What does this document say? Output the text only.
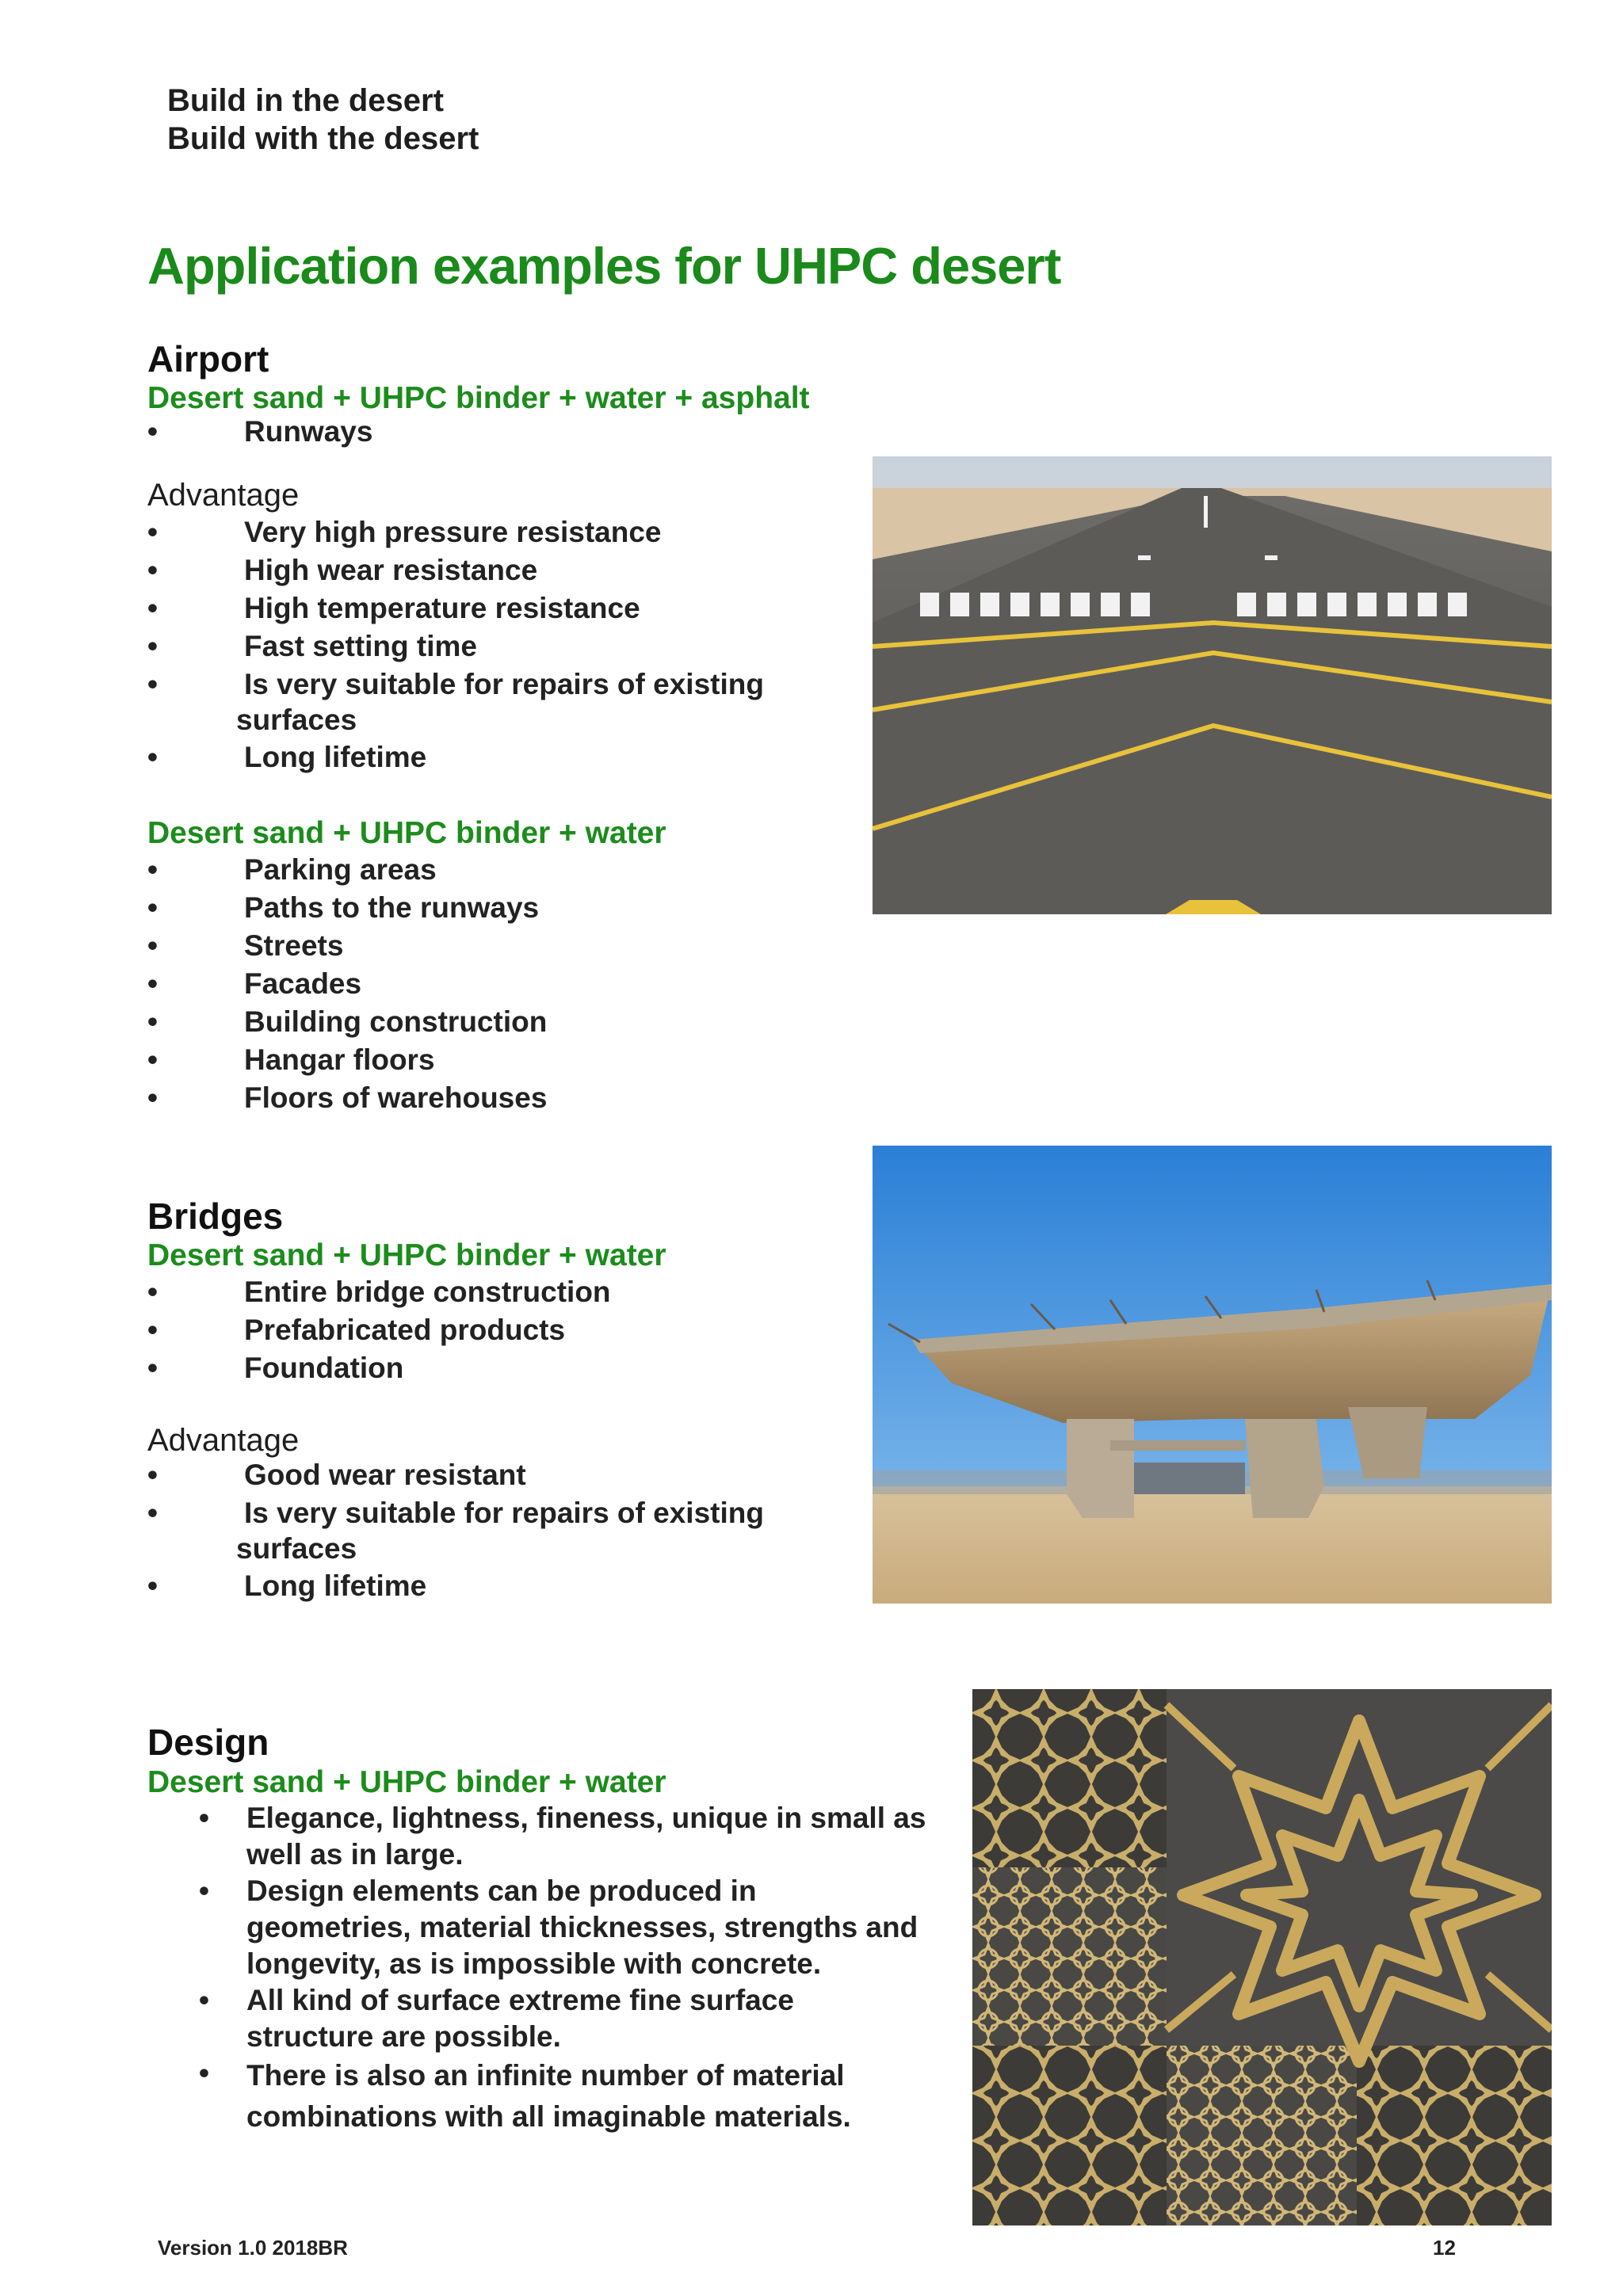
Build in the desert
Build with the desert
Application examples for UHPC desert
Airport
Desert sand + UHPC binder + water + asphalt
•	Runways
Advantage
•	Very high pressure resistance
•	High wear resistance
•	High temperature resistance
•	Fast setting time
•	Is very suitable for repairs of existing
surfaces
•	Long lifetime
Desert sand + UHPC binder + water
•	Parking areas
•	Paths to the runways
•	Streets
•	Facades
•	Building construction
•	Hangar floors
•	Floors of warehouses
Bridges
Desert sand + UHPC binder + water
•	Entire bridge construction
•	Prefabricated products
•	Foundation
Advantage
•	Good wear resistant
•	Is very suitable for repairs of existing
surfaces
•	Long lifetime
Design
Desert sand + UHPC binder + water
• Elegance, lightness, fineness, unique in small as well as in large.
• Design elements can be produced in geometries, material thicknesses, strengths and longevity, as is impossible with concrete.
• All kind of surface extreme fine surface structure are possible.
• There is also an infinite number of material combinations with all imaginable materials.
Version 1.0 2018BR	12
